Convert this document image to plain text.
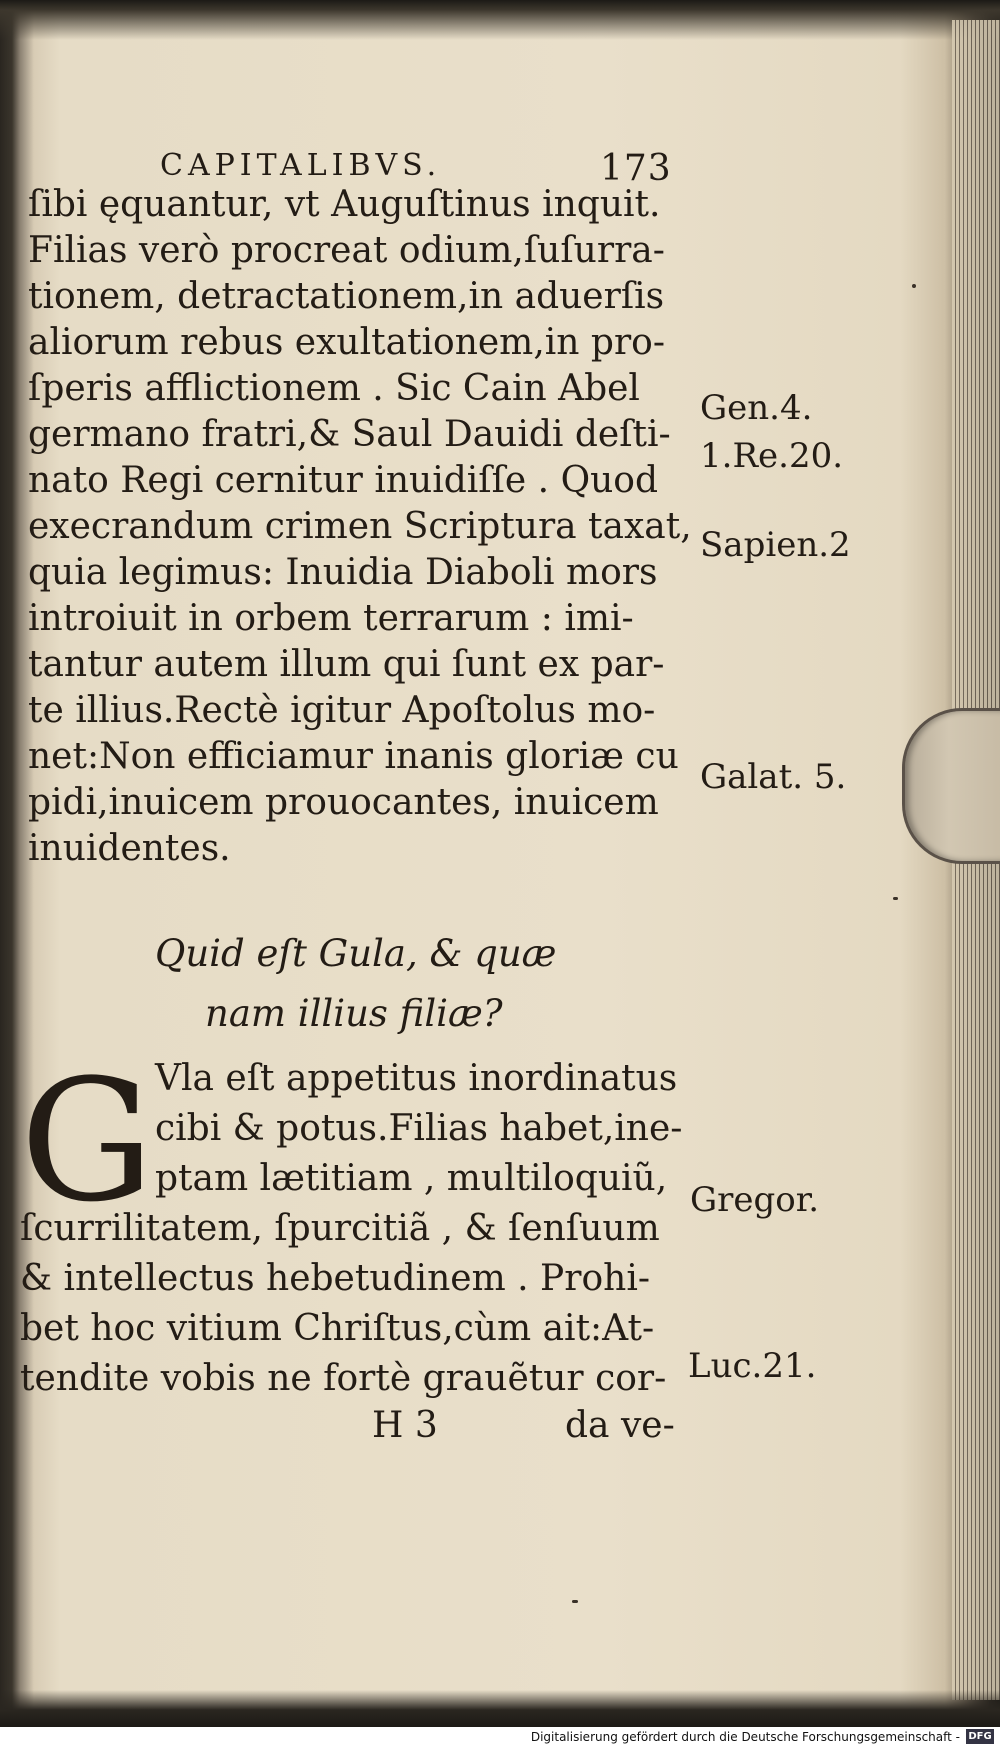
CAPITALIBVS.	173
ſibi ęquantur, vt Auguſtinus inquit.
Filias verò procreat odium,ſuſurra-
tionem, detractationem,in aduerſis
aliorum rebus exultationem,in pro-
ſperis afflictionem . Sic Cain Abel
germano fratri,& Saul Dauidi deſti-
nato Regi cernitur inuidiſſe . Quod
execrandum crimen Scriptura taxat,
quia legimus: Inuidia Diaboli mors
introiuit in orbem terrarum : imi-
tantur autem illum qui ſunt ex par-
te illius.Rectè igitur Apoſtolus mo-
net:Non efficiamur inanis gloriæ cu
pidi,inuicem prouocantes, inuicem
inuidentes.
Gen.4.
1.Re.20.
Sapien.2
Galat. 5.
Quid eſt Gula, & quæ
nam illius filiæ?
G Vla eſt appetitus inordinatus
cibi & potus.Filias habet,ine-
ptam lætitiam , multiloquiũ,
ſcurrilitatem, ſpurcitiã , & ſenſuum
& intellectus hebetudinem . Prohi-
bet hoc vitium Chriſtus,cùm ait:At-
tendite vobis ne fortè grauẽtur cor-
Gregor.
Luc.21.
H 3	da ve-
Digitalisierung gefördert durch die Deutsche Forschungsgemeinschaft - DFG
